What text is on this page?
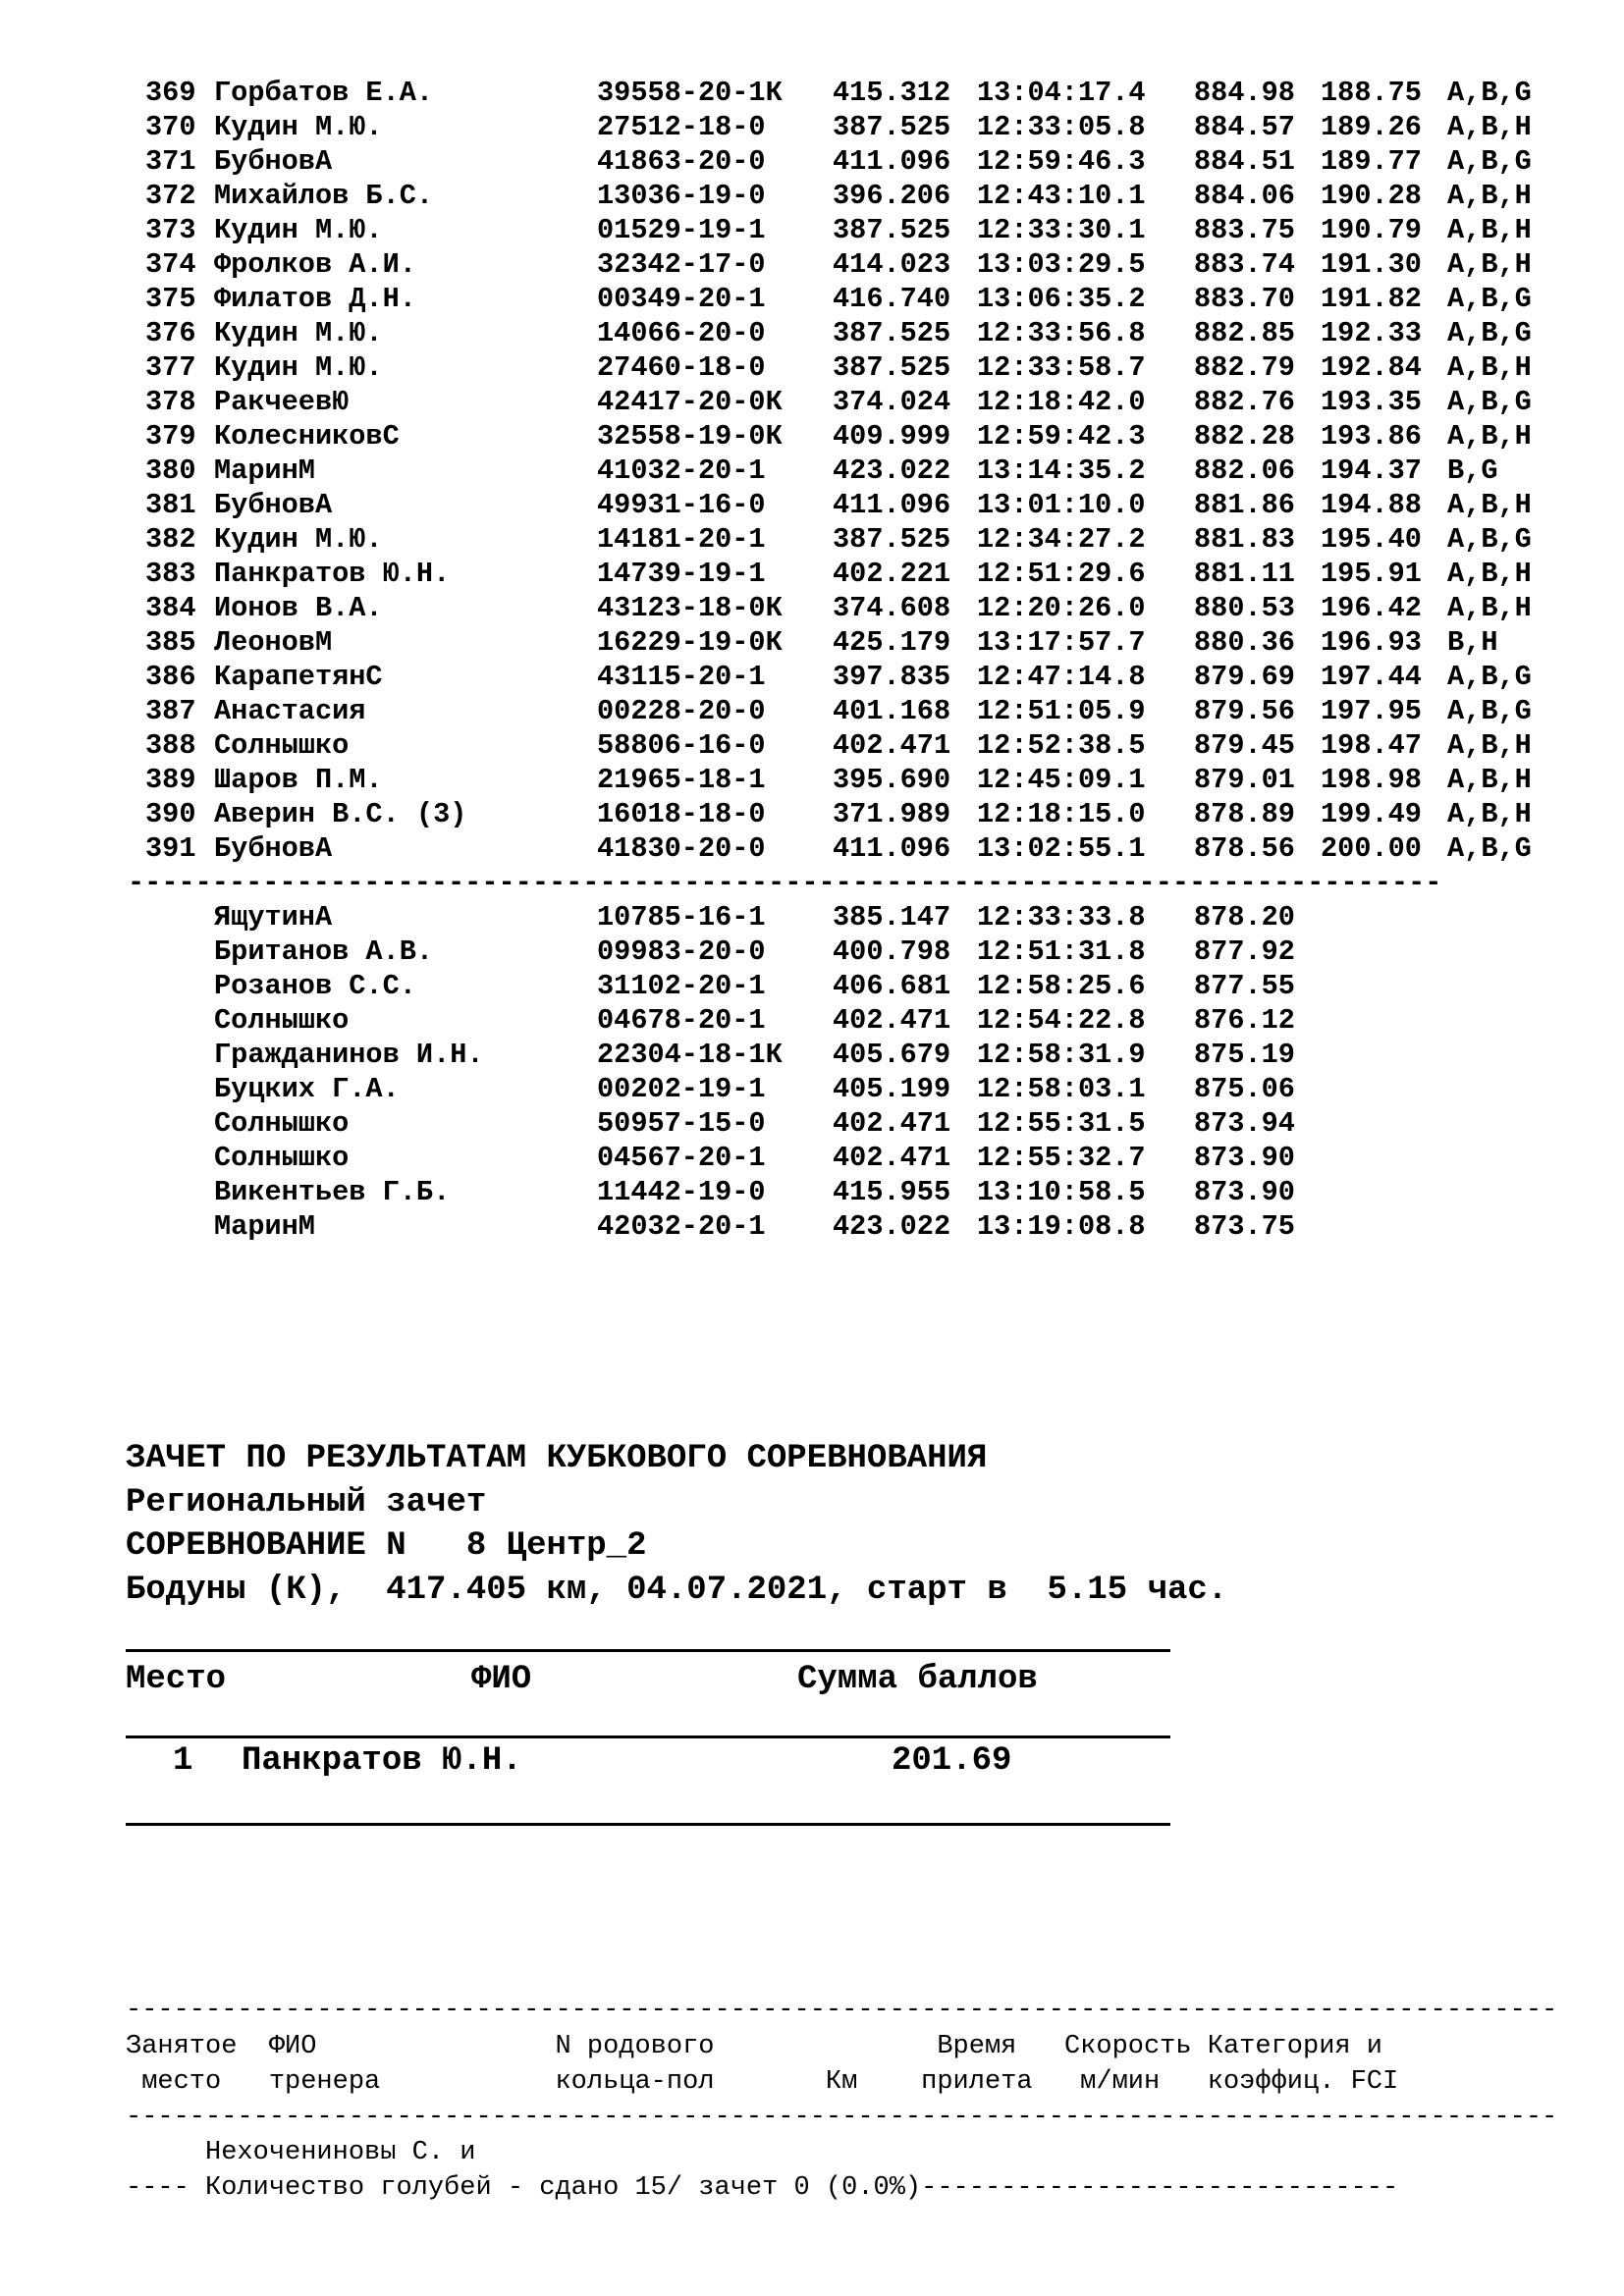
369 Горбатов Е.А.	39558-20-1К 415.312 13:04:17.4 884.98 188.75 A,B,G
370 Кудин М.Ю.	27512-18-0 387.525 12:33:05.8 884.57 189.26 A,B,H
371 БубновА	41863-20-0 411.096 12:59:46.3 884.51 189.77 A,B,G
372 Михайлов Б.С.	13036-19-0 396.206 12:43:10.1 884.06 190.28 A,B,H
373 Кудин М.Ю.	01529-19-1 387.525 12:33:30.1 883.75 190.79 A,B,H
374 Фролков А.И.	32342-17-0 414.023 13:03:29.5 883.74 191.30 A,B,H
375 Филатов Д.Н.	00349-20-1 416.740 13:06:35.2 883.70 191.82 A,B,G
376 Кудин М.Ю.	14066-20-0 387.525 12:33:56.8 882.85 192.33 A,B,G
377 Кудин М.Ю.	27460-18-0 387.525 12:33:58.7 882.79 192.84 A,B,H
378 РакчеевЮ	42417-20-0К 374.024 12:18:42.0 882.76 193.35 A,B,G
379 КолесниковС	32558-19-0К 409.999 12:59:42.3 882.28 193.86 A,B,H
380 МаринМ	41032-20-1 423.022 13:14:35.2 882.06 194.37 B,G
381 БубновА	49931-16-0 411.096 13:01:10.0 881.86 194.88 A,B,H
382 Кудин М.Ю.	14181-20-1 387.525 12:34:27.2 881.83 195.40 A,B,G
383 Панкратов Ю.Н.	14739-19-1 402.221 12:51:29.6 881.11 195.91 A,B,H
384 Ионов В.А.	43123-18-0К 374.608 12:20:26.0 880.53 196.42 A,B,H
385 ЛеоновМ	16229-19-0К 425.179 13:17:57.7 880.36 196.93 B,H
386 КарапетянС	43115-20-1 397.835 12:47:14.8 879.69 197.44 A,B,G
387 Анастасия	00228-20-0 401.168 12:51:05.9 879.56 197.95 A,B,G
388 Солнышко	58806-16-0 402.471 12:52:38.5 879.45 198.47 A,B,H
389 Шаров П.М.	21965-18-1 395.690 12:45:09.1 879.01 198.98 A,B,H
390 Аверин В.С. (3)	16018-18-0 371.989 12:18:15.0 878.89 199.49 A,B,H
391 БубновА	41830-20-0 411.096 13:02:55.1 878.56 200.00 A,B,G
------------------------------------------------------------------------------
ЯщутинА	10785-16-1 385.147 12:33:33.8 878.20
Британов А.В.	09983-20-0 400.798 12:51:31.8 877.92
Розанов С.С.	31102-20-1 406.681 12:58:25.6 877.55
Солнышко	04678-20-1 402.471 12:54:22.8 876.12
Гражданинов И.Н.	22304-18-1К 405.679 12:58:31.9 875.19
Буцких Г.А.	00202-19-1 405.199 12:58:03.1 875.06
Солнышко	50957-15-0 402.471 12:55:31.5 873.94
Солнышко	04567-20-1 402.471 12:55:32.7 873.90
Викентьев Г.Б.	11442-19-0 415.955 13:10:58.5 873.90
МаринМ	42032-20-1 423.022 13:19:08.8 873.75
ЗАЧЕТ ПО РЕЗУЛЬТАТАМ КУБКОВОГО СОРЕВНОВАНИЯ
Региональный зачет
СОРЕВНОВАНИЕ N   8 Центр_2
Бодуны (К),  417.405 км, 04.07.2021, старт в  5.15 час.
Место	ФИО	Сумма баллов
1 Панкратов Ю.Н.	201.69
------------------------------------------------------------------------------------------
Занятое  ФИО               N родового              Время   Скорость Категория и
место   тренера           кольца-пол       Км    прилета   м/мин   коэффиц. FCI
------------------------------------------------------------------------------------------
Нехочениновы С. и
---- Количество голубей - сдано 15/ зачет 0 (0.0%)------------------------------
